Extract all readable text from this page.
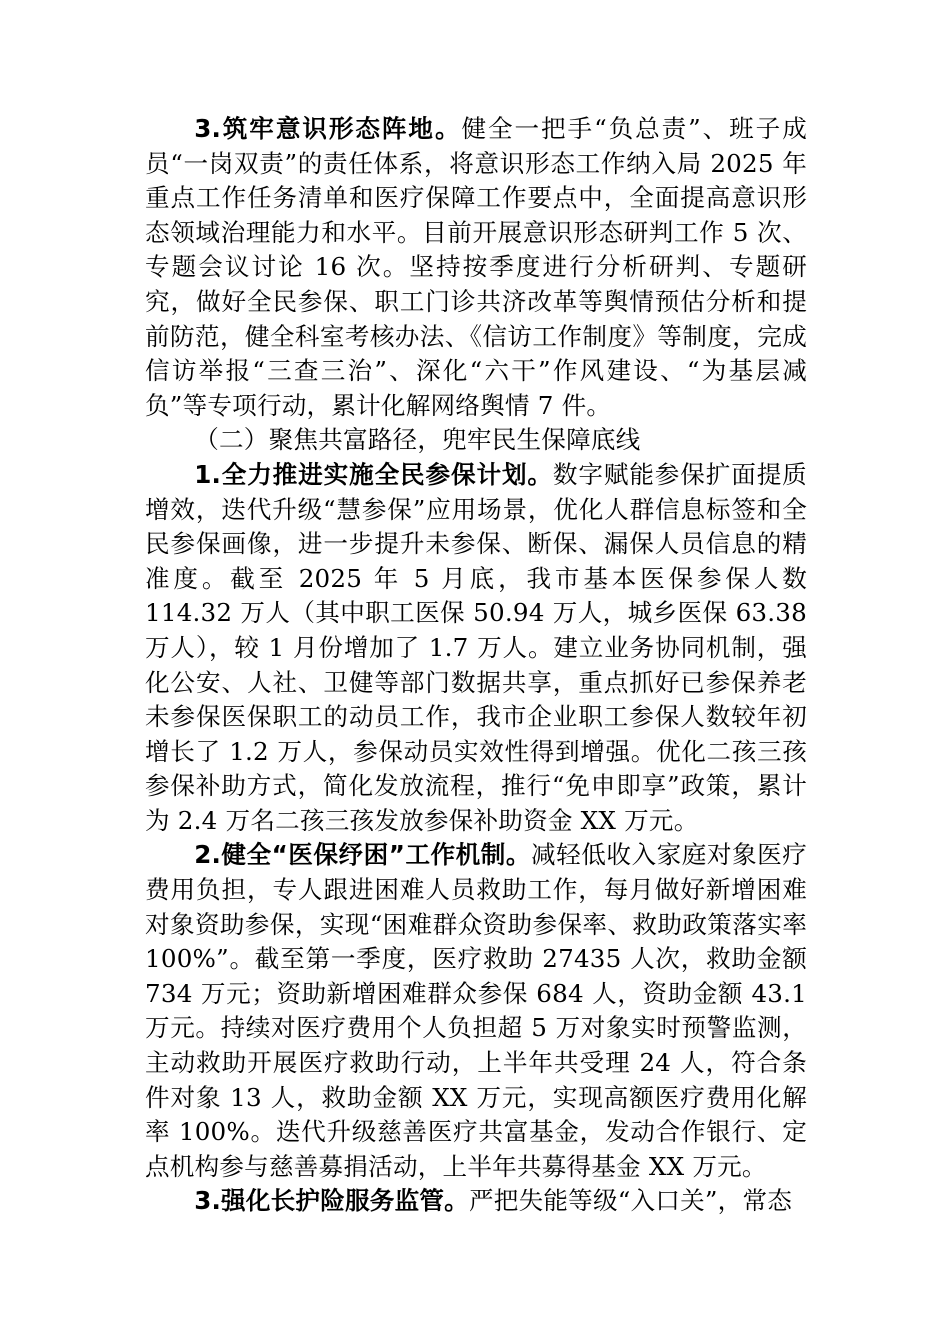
3.筑牢意识形态阵地。健全一把手“负总责”、班子成员“一岗双责”的责任体系，将意识形态工作纳入局 2025 年重点工作任务清单和医疗保障工作要点中，全面提高意识形态领域治理能力和水平。目前开展意识形态研判工作 5 次、专题会议讨论 16 次。坚持按季度进行分析研判、专题研究，做好全民参保、职工门诊共济改革等舆情预估分析和提前防范，健全科室考核办法、《信访工作制度》等制度，完成信访举报“三查三治”、深化“六干”作风建设、“为基层减负”等专项行动，累计化解网络舆情 7 件。

（二）聚焦共富路径，兜牢民生保障底线

1.全力推进实施全民参保计划。数字赋能参保扩面提质增效，迭代升级“慧参保”应用场景，优化人群信息标签和全民参保画像，进一步提升未参保、断保、漏保人员信息的精准度。截至 2025 年 5 月底，我市基本医保参保人数 114.32 万人（其中职工医保 50.94 万人，城乡医保 63.38 万人），较 1 月份增加了 1.7 万人。建立业务协同机制，强化公安、人社、卫健等部门数据共享，重点抓好已参保养老未参保医保职工的动员工作，我市企业职工参保人数较年初增长了 1.2 万人，参保动员实效性得到增强。优化二孩三孩参保补助方式，简化发放流程，推行“免申即享”政策，累计为 2.4 万名二孩三孩发放参保补助资金 XX 万元。

2.健全“医保纾困”工作机制。减轻低收入家庭对象医疗费用负担，专人跟进困难人员救助工作，每月做好新增困难对象资助参保，实现“困难群众资助参保率、救助政策落实率 100%”。截至第一季度，医疗救助 27435 人次，救助金额 734 万元；资助新增困难群众参保 684 人，资助金额 43.1 万元。持续对医疗费用个人负担超 5 万对象实时预警监测，主动救助开展医疗救助行动，上半年共受理 24 人，符合条件对象 13 人，救助金额 XX 万元，实现高额医疗费用化解率 100%。迭代升级慈善医疗共富基金，发动合作银行、定点机构参与慈善募捐活动，上半年共募得基金 XX 万元。

3.强化长护险服务监管。严把失能等级“入口关”，常态
